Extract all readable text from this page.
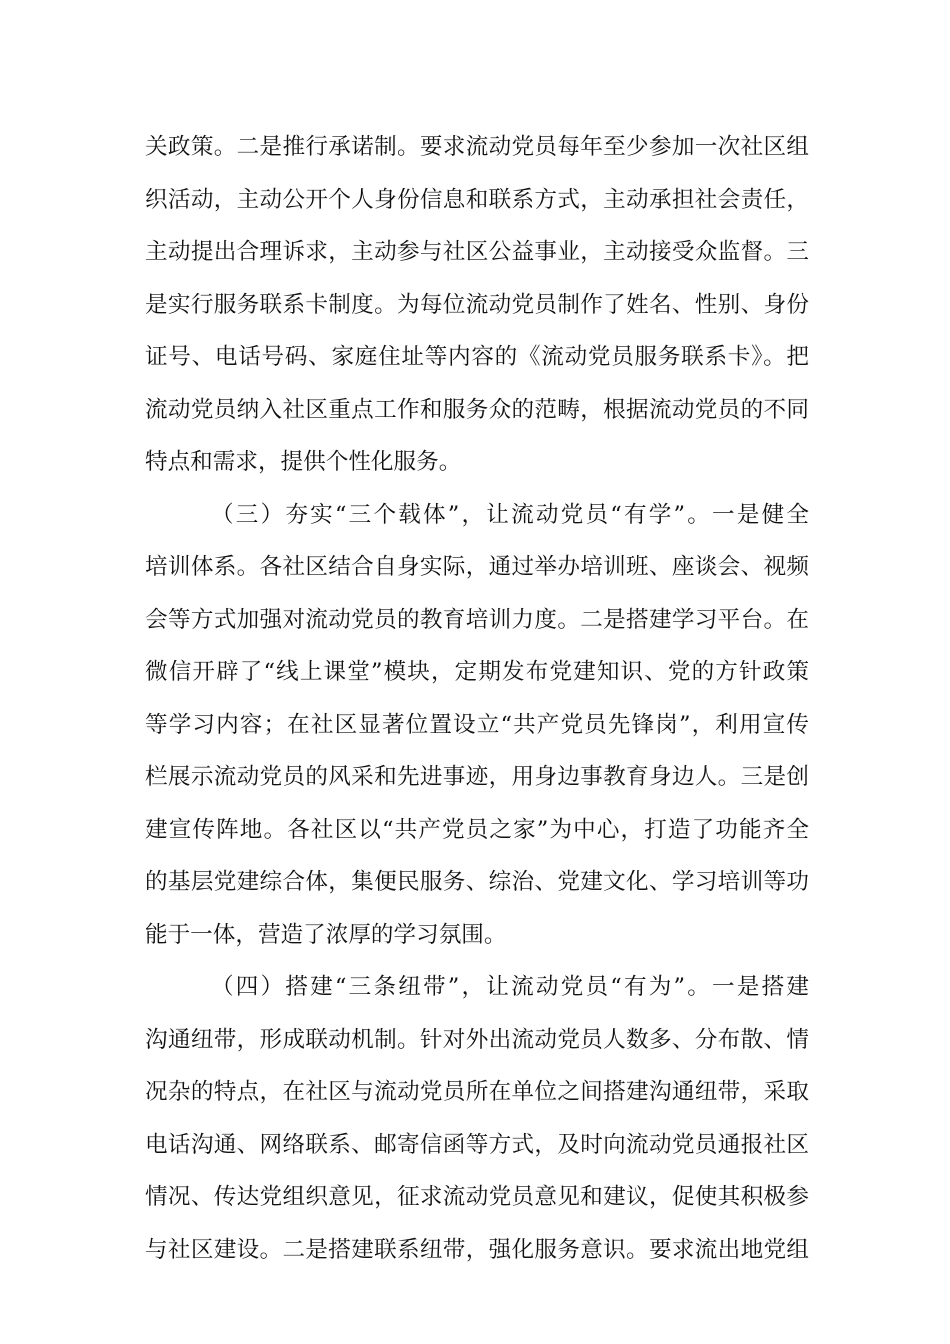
关政策。二是推行承诺制。要求流动党员每年至少参加一次社区组
织活动，主动公开个人身份信息和联系方式，主动承担社会责任，
主动提出合理诉求，主动参与社区公益事业，主动接受众监督。三
是实行服务联系卡制度。为每位流动党员制作了姓名、性别、身份
证号、电话号码、家庭住址等内容的《流动党员服务联系卡》。把
流动党员纳入社区重点工作和服务众的范畴，根据流动党员的不同
特点和需求，提供个性化服务。
（三）夯实“三个载体”，让流动党员“有学”。一是健全
培训体系。各社区结合自身实际，通过举办培训班、座谈会、视频
会等方式加强对流动党员的教育培训力度。二是搭建学习平台。在
微信开辟了“线上课堂”模块，定期发布党建知识、党的方针政策
等学习内容；在社区显著位置设立“共产党员先锋岗”，利用宣传
栏展示流动党员的风采和先进事迹，用身边事教育身边人。三是创
建宣传阵地。各社区以“共产党员之家”为中心，打造了功能齐全
的基层党建综合体，集便民服务、综治、党建文化、学习培训等功
能于一体，营造了浓厚的学习氛围。
（四）搭建“三条纽带”，让流动党员“有为”。一是搭建
沟通纽带，形成联动机制。针对外出流动党员人数多、分布散、情
况杂的特点，在社区与流动党员所在单位之间搭建沟通纽带，采取
电话沟通、网络联系、邮寄信函等方式，及时向流动党员通报社区
情况、传达党组织意见，征求流动党员意见和建议，促使其积极参
与社区建设。二是搭建联系纽带，强化服务意识。要求流出地党组
